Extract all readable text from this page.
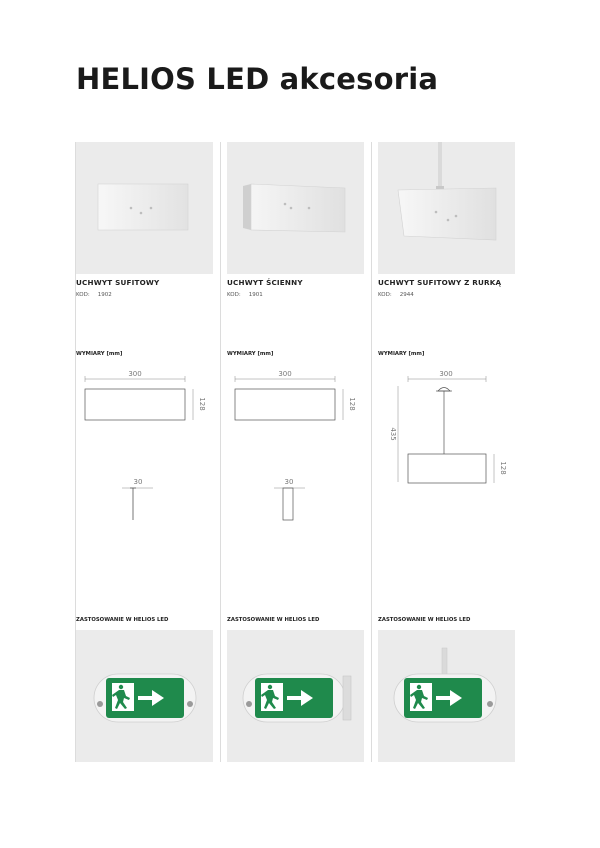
HELIOS LED akcesoria
UCHWYT SUFITOWY
KOD: 1902
WYMIARY [mm]
300
128
30
ZASTOSOWANIE W HELIOS LED
UCHWYT ŚCIENNY
KOD: 1901
WYMIARY [mm]
300
128
30
ZASTOSOWANIE W HELIOS LED
UCHWYT SUFITOWY Z RURKĄ
KOD: 2944
WYMIARY [mm]
300
435
128
ZASTOSOWANIE W HELIOS LED
